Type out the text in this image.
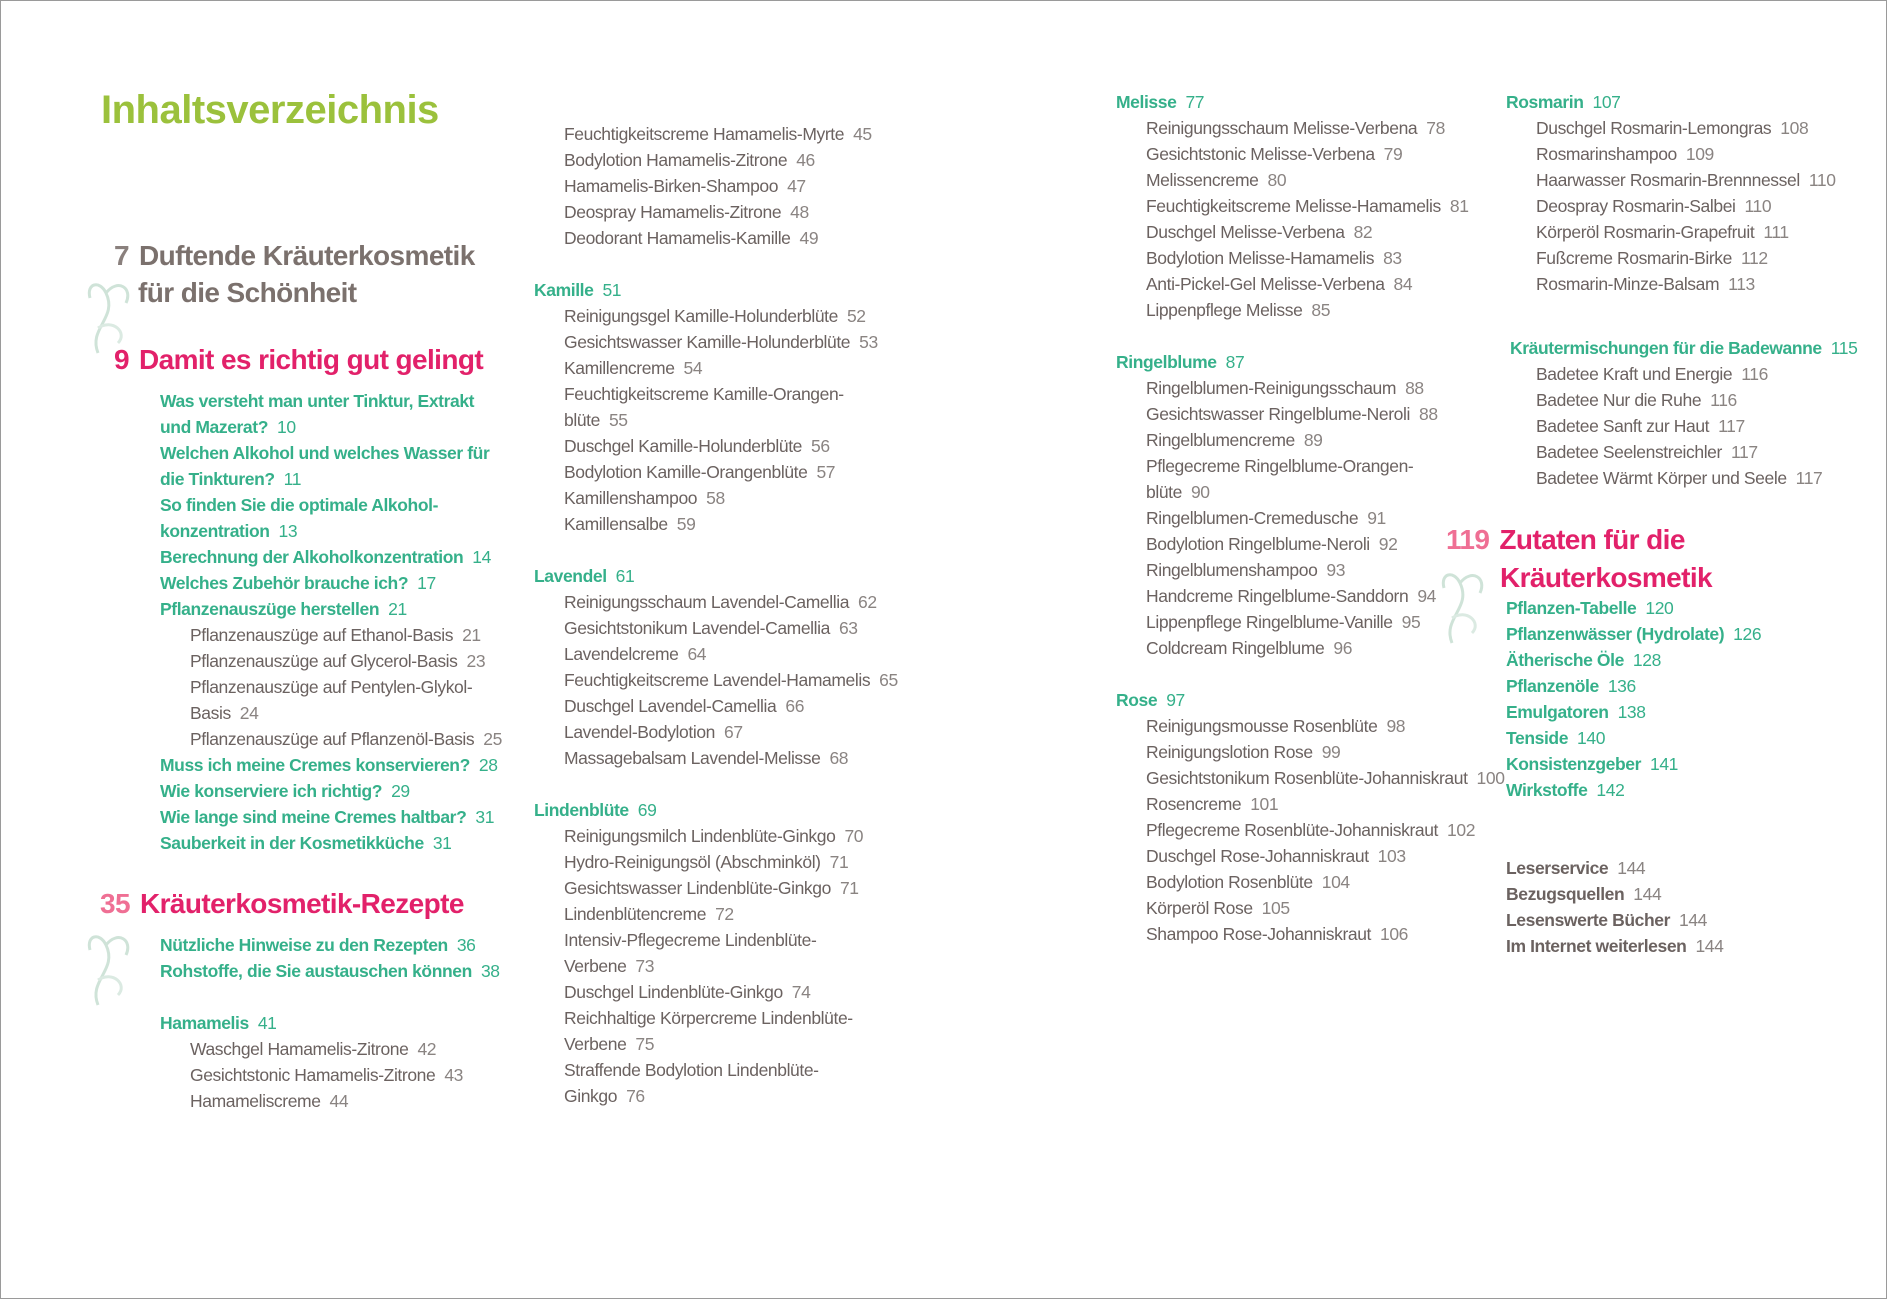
Inhaltsverzeichnis
7 Duftende Kräuterkosmetik
für die Schönheit
9 Damit es richtig gut gelingt
Was versteht man unter Tinktur, Extrakt
und Mazerat? 10
Welchen Alkohol und welches Wasser für
die Tinkturen? 11
So finden Sie die optimale Alkohol-
konzentration 13
Berechnung der Alkoholkonzentration 14
Welches Zubehör brauche ich? 17
Pflanzenauszüge herstellen 21
Pflanzenauszüge auf Ethanol-Basis 21
Pflanzenauszüge auf Glycerol-Basis 23
Pflanzenauszüge auf Pentylen-Glykol-
Basis 24
Pflanzenauszüge auf Pflanzenöl-Basis 25
Muss ich meine Cremes konservieren? 28
Wie konserviere ich richtig? 29
Wie lange sind meine Cremes haltbar? 31
Sauberkeit in der Kosmetikküche 31
35 Kräuterkosmetik-Rezepte
Nützliche Hinweise zu den Rezepten 36
Rohstoffe, die Sie austauschen können 38
Hamamelis 41
Waschgel Hamamelis-Zitrone 42
Gesichtstonic Hamamelis-Zitrone 43
Hamameliscreme 44
Feuchtigkeitscreme Hamamelis-Myrte 45
Bodylotion Hamamelis-Zitrone 46
Hamamelis-Birken-Shampoo 47
Deospray Hamamelis-Zitrone 48
Deodorant Hamamelis-Kamille 49
Kamille 51
Reinigungsgel Kamille-Holunderblüte 52
Gesichtswasser Kamille-Holunderblüte 53
Kamillencreme 54
Feuchtigkeitscreme Kamille-Orangen-
blüte 55
Duschgel Kamille-Holunderblüte 56
Bodylotion Kamille-Orangenblüte 57
Kamillenshampoo 58
Kamillensalbe 59
Lavendel 61
Reinigungsschaum Lavendel-Camellia 62
Gesichtstonikum Lavendel-Camellia 63
Lavendelcreme 64
Feuchtigkeitscreme Lavendel-Hamamelis 65
Duschgel Lavendel-Camellia 66
Lavendel-Bodylotion 67
Massagebalsam Lavendel-Melisse 68
Lindenblüte 69
Reinigungsmilch Lindenblüte-Ginkgo 70
Hydro-Reinigungsöl (Abschminköl) 71
Gesichtswasser Lindenblüte-Ginkgo 71
Lindenblütencreme 72
Intensiv-Pflegecreme Lindenblüte-
Verbene 73
Duschgel Lindenblüte-Ginkgo 74
Reichhaltige Körpercreme Lindenblüte-
Verbene 75
Straffende Bodylotion Lindenblüte-
Ginkgo 76
Melisse 77
Reinigungsschaum Melisse-Verbena 78
Gesichtstonic Melisse-Verbena 79
Melissencreme 80
Feuchtigkeitscreme Melisse-Hamamelis 81
Duschgel Melisse-Verbena 82
Bodylotion Melisse-Hamamelis 83
Anti-Pickel-Gel Melisse-Verbena 84
Lippenpflege Melisse 85
Ringelblume 87
Ringelblumen-Reinigungsschaum 88
Gesichtswasser Ringelblume-Neroli 88
Ringelblumencreme 89
Pflegecreme Ringelblume-Orangen-
blüte 90
Ringelblumen-Cremedusche 91
Bodylotion Ringelblume-Neroli 92
Ringelblumenshampoo 93
Handcreme Ringelblume-Sanddorn 94
Lippenpflege Ringelblume-Vanille 95
Coldcream Ringelblume 96
Rose 97
Reinigungsmousse Rosenblüte 98
Reinigungslotion Rose 99
Gesichtstonikum Rosenblüte-Johanniskraut 100
Rosencreme 101
Pflegecreme Rosenblüte-Johanniskraut 102
Duschgel Rose-Johanniskraut 103
Bodylotion Rosenblüte 104
Körperöl Rose 105
Shampoo Rose-Johanniskraut 106
Rosmarin 107
Duschgel Rosmarin-Lemongras 108
Rosmarinshampoo 109
Haarwasser Rosmarin-Brennnessel 110
Deospray Rosmarin-Salbei 110
Körperöl Rosmarin-Grapefruit 111
Fußcreme Rosmarin-Birke 112
Rosmarin-Minze-Balsam 113
Kräutermischungen für die Badewanne 115
Badetee Kraft und Energie 116
Badetee Nur die Ruhe 116
Badetee Sanft zur Haut 117
Badetee Seelenstreichler 117
Badetee Wärmt Körper und Seele 117
Pflanzen-Tabelle 120
Pflanzenwässer (Hydrolate) 126
Ätherische Öle 128
Pflanzenöle 136
Emulgatoren 138
Tenside 140
Konsistenzgeber 141
Wirkstoffe 142
Leserservice 144
Bezugsquellen 144
Lesenswerte Bücher 144
Im Internet weiterlesen 144
119 Zutaten für die
Kräuterkosmetik
